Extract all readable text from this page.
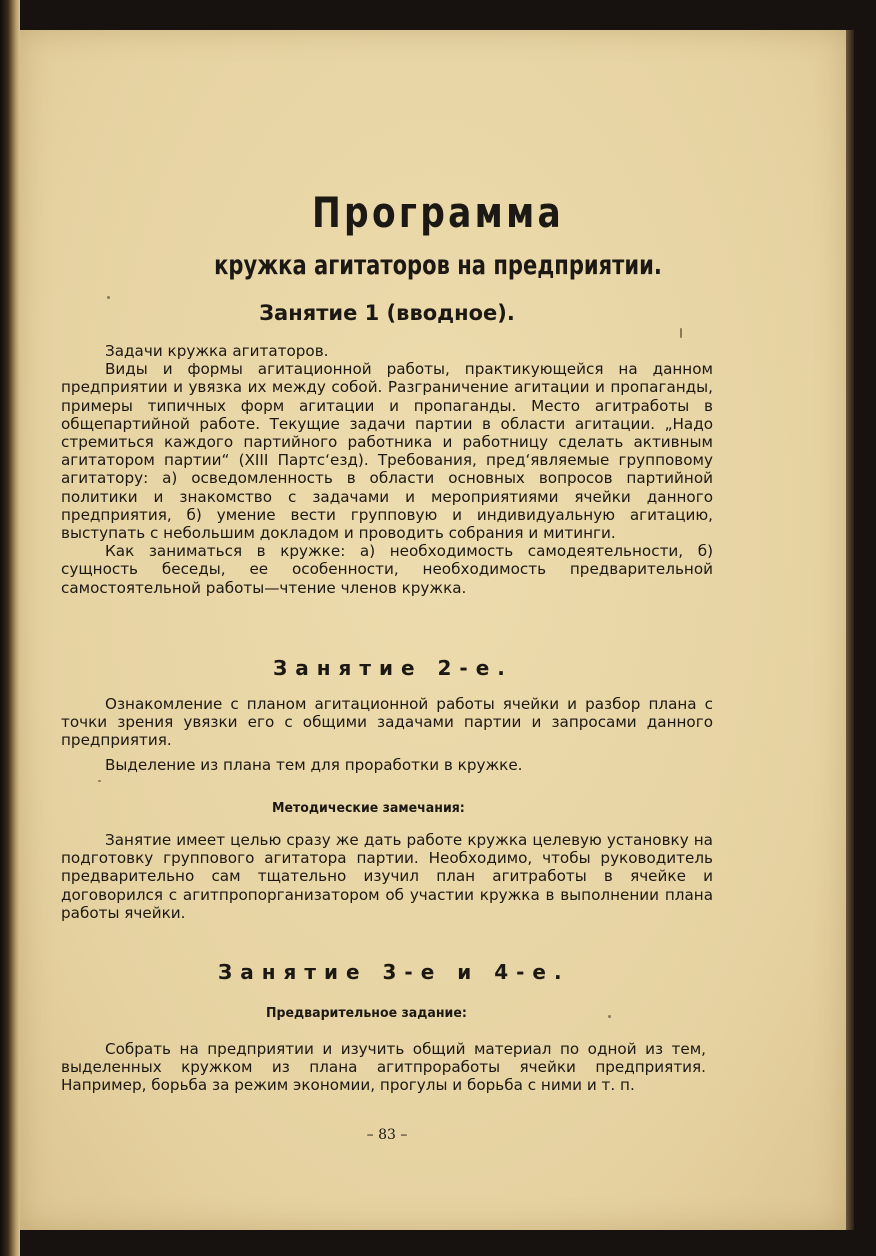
Программа
кружка агитаторов на предприятии.
Занятие 1 (вводное).

Задачи кружка агитаторов.

Виды и формы агитационной работы, практикующейся на данном предприятии и увязка их между собой. Разграничение агитации и пропаганды, примеры типичных форм агитации и пропаганды. Место агитработы в общепартийной работе. Текущие задачи партии в области агитации. „Надо стремиться каждого партийного работника и работницу сделать активным агитатором партии“ (XIII Партс‘езд). Требования, пред‘являемые групповому агитатору: а) осведомленность в области основных вопросов партийной политики и знакомство с задачами и мероприятиями ячейки данного предприятия, б) умение вести групповую и индивидуальную агитацию, выступать с небольшим докладом и проводить собрания и митинги.

Как заниматься в кружке: а) необходимость самодеятельности, б) сущность беседы, ее особенности, необходимость предварительной самостоятельной работы—чтение членов кружка.

Занятие 2-е.

Ознакомление с планом агитационной работы ячейки и разбор плана с точки зрения увязки его с общими задачами партии и запросами данного предприятия.

Выделение из плана тем для проработки в кружке.

Методические замечания:

Занятие имеет целью сразу же дать работе кружка целевую установку на подготовку группового агитатора партии. Необходимо, чтобы руководитель предварительно сам тщательно изучил план агитработы в ячейке и договорился с агитпропорганизатором об участии кружка в выполнении плана работы ячейки.

Занятие 3-е и 4-е.
Предварительное задание:

Собрать на предприятии и изучить общий материал по одной из тем, выделенных кружком из плана агитпроработы ячейки предприятия. Например, борьба за режим экономии, прогулы и борьба с ними и т. п.

– 83 –
